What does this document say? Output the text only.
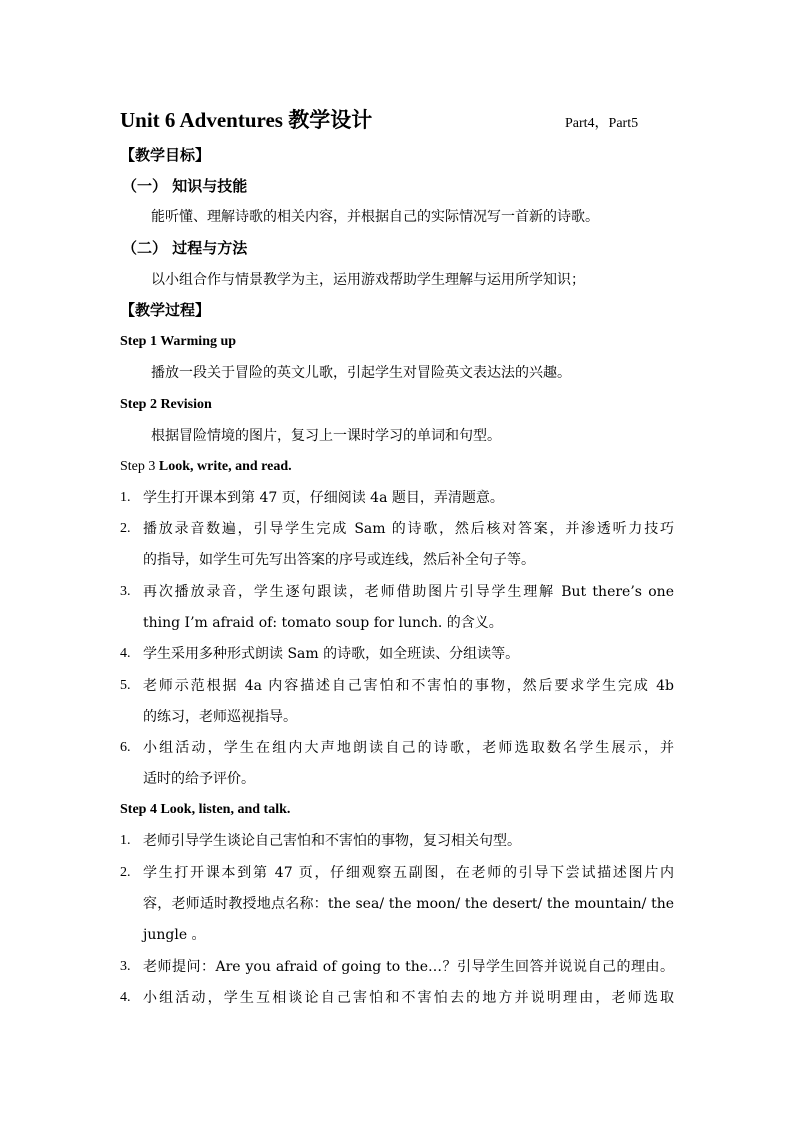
Unit 6 Adventures 教学设计	Part4，Part5
【教学目标】
（一） 知识与技能
能听懂、理解诗歌的相关内容，并根据自己的实际情况写一首新的诗歌。
（二） 过程与方法
以小组合作与情景教学为主，运用游戏帮助学生理解与运用所学知识；
【教学过程】
Step 1 Warming up
播放一段关于冒险的英文儿歌，引起学生对冒险英文表达法的兴趣。
Step 2 Revision
根据冒险情境的图片，复习上一课时学习的单词和句型。
Step 3 Look, write, and read.
1. 学生打开课本到第 47 页，仔细阅读 4a 题目，弄清题意。
2. 播放录音数遍，引导学生完成 Sam 的诗歌，然后核对答案，并渗透听力技巧
的指导，如学生可先写出答案的序号或连线，然后补全句子等。
3. 再次播放录音，学生逐句跟读，老师借助图片引导学生理解 But there’s one
thing I’m afraid of: tomato soup for lunch. 的含义。
4. 学生采用多种形式朗读 Sam 的诗歌，如全班读、分组读等。
5. 老师示范根据 4a 内容描述自己害怕和不害怕的事物，然后要求学生完成 4b
的练习，老师巡视指导。
6. 小组活动，学生在组内大声地朗读自己的诗歌，老师选取数名学生展示，并
适时的给予评价。
Step 4 Look, listen, and talk.
1. 老师引导学生谈论自己害怕和不害怕的事物，复习相关句型。
2. 学生打开课本到第 47 页，仔细观察五副图，在老师的引导下尝试描述图片内
容，老师适时教授地点名称：the sea/ the moon/ the desert/ the mountain/ the
jungle 。
3. 老师提问：Are you afraid of going to the…？引导学生回答并说说自己的理由。
4. 小组活动，学生互相谈论自己害怕和不害怕去的地方并说明理由，老师选取
